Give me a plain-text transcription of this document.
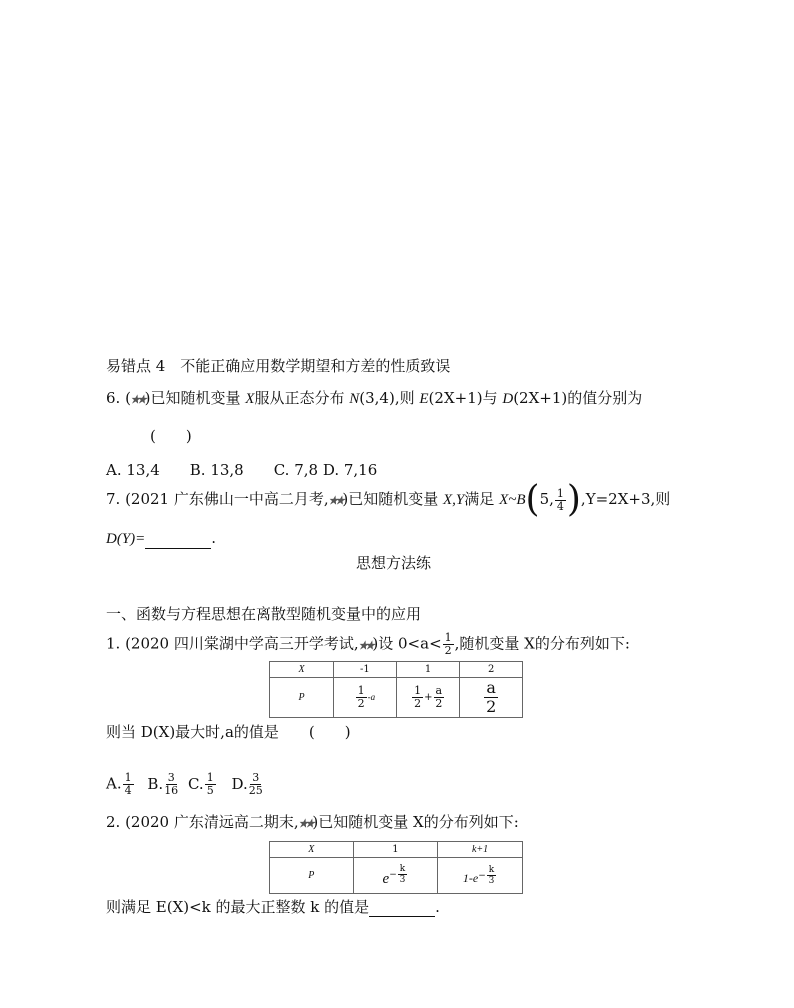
易错点 4　不能正确应用数学期望和方差的性质致误
6. (★★)已知随机变量 X服从正态分布 N(3,4),则 E(2X+1)与 D(2X+1)的值分别为
(　　)
A. 13,4　　B. 13,8　　C. 7,8 D. 7,16
7. (2021 广东佛山一中高二月考,★★)已知随机变量 X,Y满足 X~B(5, $\frac{1}{4} ),Y=2X+3$,则
D(Y)=	.
思想方法练
一、函数与方程思想在离散型随机变量中的应用
1. (2020 四川棠湖中学高三开学考试,★★)设 $0<a< \frac{1}{2}$ ,随机变量 X的分布列如下:
X	-1	1	2
P	$\frac{1}{2} -a$	$\frac{1}{2} + \frac{a}{2}$	$\frac{a}{2}$
则当 D(X)最大时,a的值是 (　　)
A. $\frac{1}{4} B$. $\frac{3}{16} C$. $\frac{1}{5} D$. $\frac{3}{25}$
2. (2020 广东清远高二期末,★★)已知随机变量 X的分布列如下:
X	1	k+1
P	$e- \frac{k}{3}$	$1-e- \frac{k}{3}$
则满足 E(X)<k 的最大正整数 k 的值是	.
